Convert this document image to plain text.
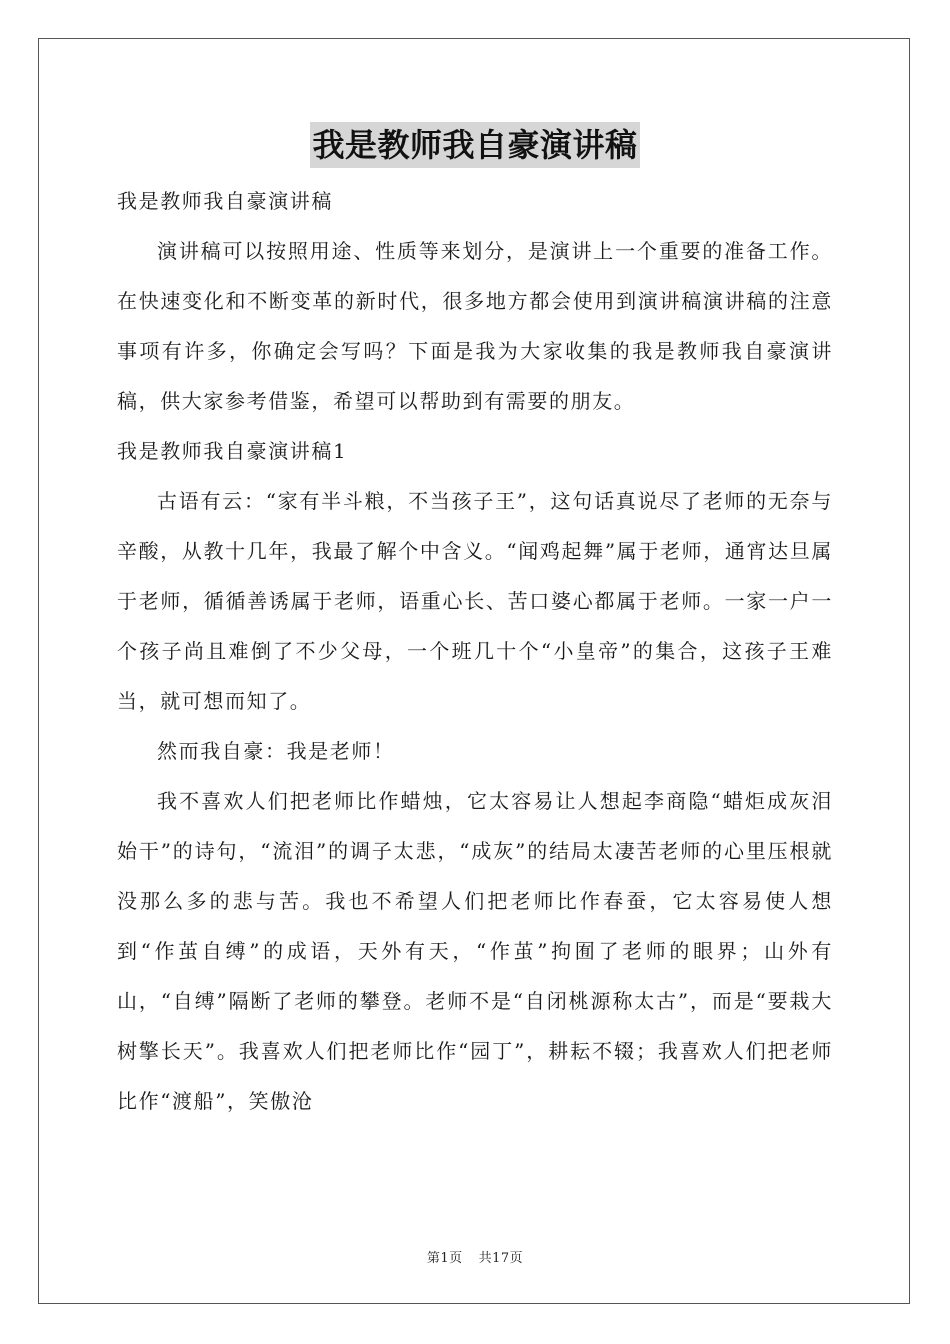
我是教师我自豪演讲稿

我是教师我自豪演讲稿

演讲稿可以按照用途、性质等来划分，是演讲上一个重要的准备工作。在快速变化和不断变革的新时代，很多地方都会使用到演讲稿演讲稿的注意事项有许多，你确定会写吗？下面是我为大家收集的我是教师我自豪演讲稿，供大家参考借鉴，希望可以帮助到有需要的朋友。

我是教师我自豪演讲稿1

古语有云：“家有半斗粮，不当孩子王”，这句话真说尽了老师的无奈与辛酸，从教十几年，我最了解个中含义。“闻鸡起舞”属于老师，通宵达旦属于老师，循循善诱属于老师，语重心长、苦口婆心都属于老师。一家一户一个孩子尚且难倒了不少父母，一个班几十个“小皇帝”的集合，这孩子王难当，就可想而知了。

然而我自豪：我是老师！

我不喜欢人们把老师比作蜡烛，它太容易让人想起李商隐“蜡炬成灰泪始干”的诗句，“流泪”的调子太悲，“成灰”的结局太凄苦老师的心里压根就没那么多的悲与苦。我也不希望人们把老师比作春蚕，它太容易使人想到“作茧自缚”的成语，天外有天，“作茧”拘囿了老师的眼界；山外有山，“自缚”隔断了老师的攀登。老师不是“自闭桃源称太古”，而是“要栽大树擎长天”。我喜欢人们把老师比作“园丁”，耕耘不辍；我喜欢人们把老师比作“渡船”，笑傲沧

第1页 共17页
